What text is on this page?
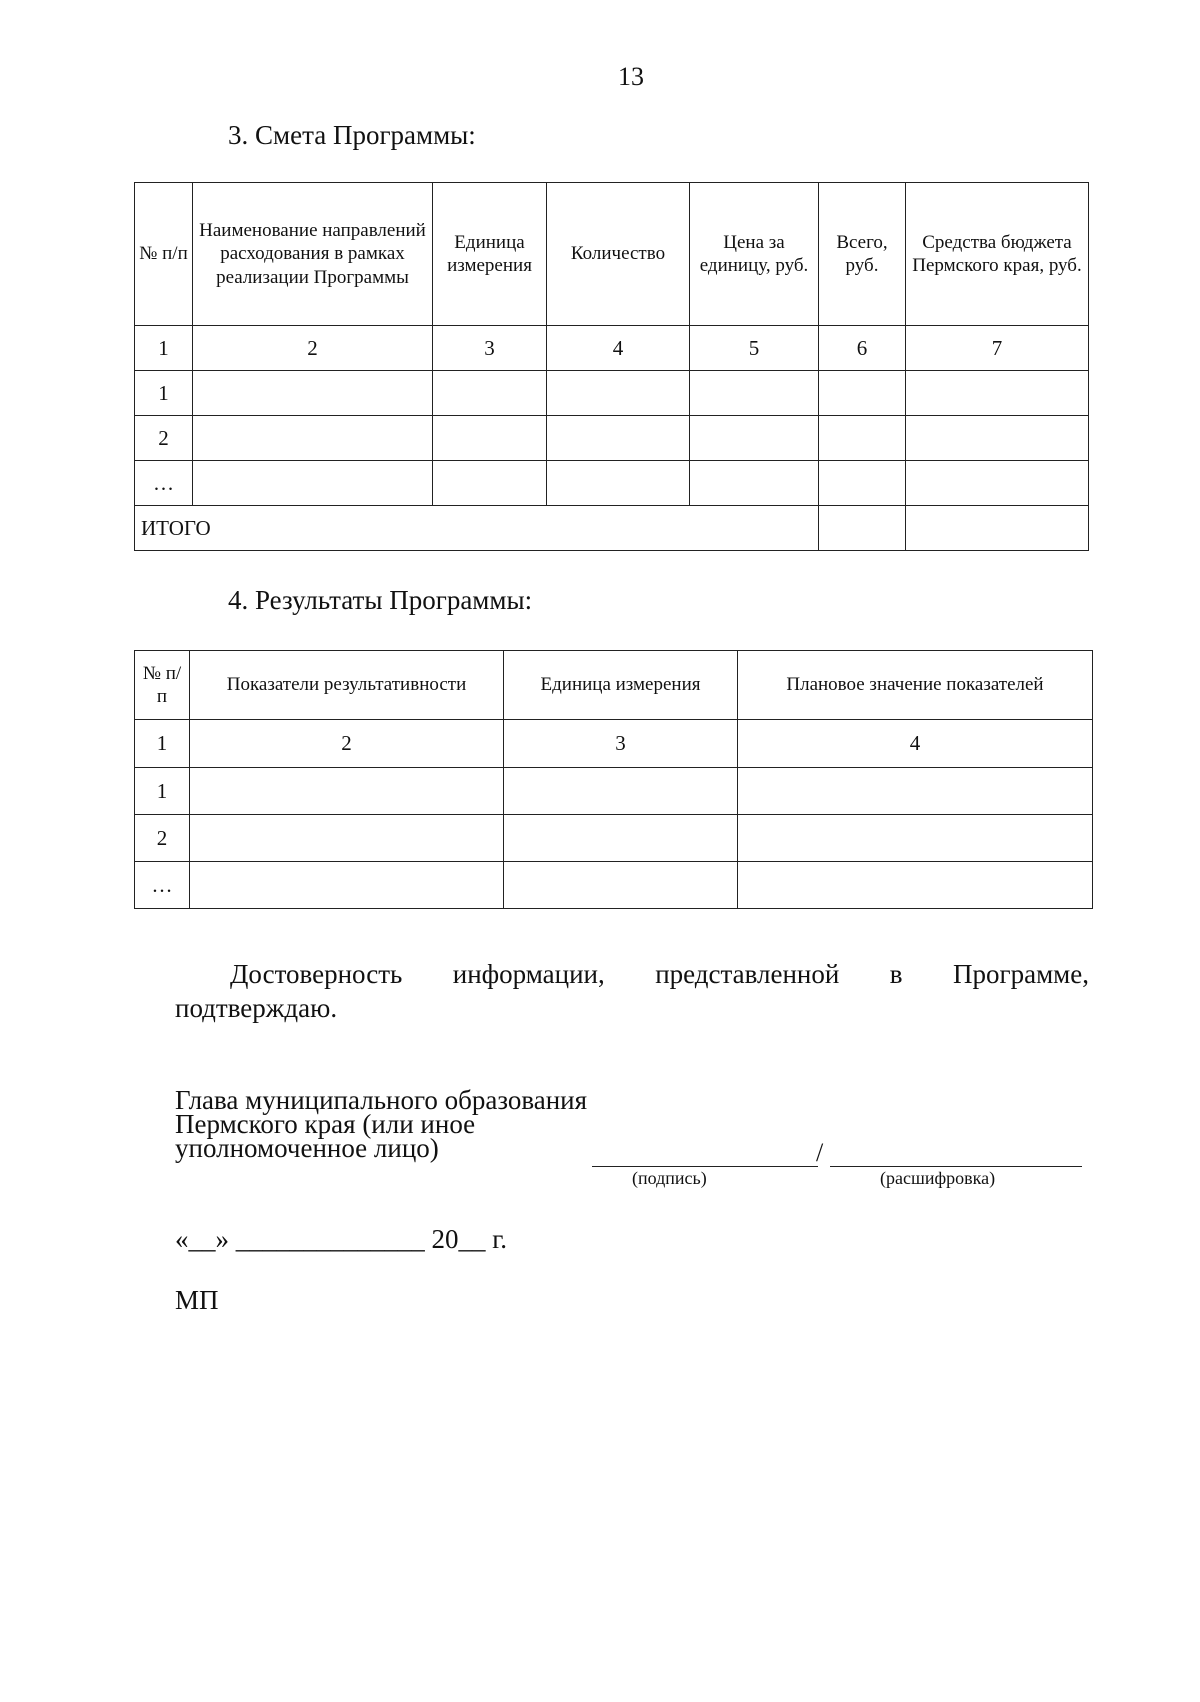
13
3. Смета Программы:
№ п/п	Наименование направлений расходования в рамках реализации Программы	Единица измерения	Количество	Цена за единицу, руб.	Всего, руб.	Средства бюджета Пермского края, руб.
1	2	3	4	5	6	7
1						
2						
…						
ИТОГО						
4. Результаты Программы:
№ п/п	Показатели результативности	Единица измерения	Плановое значение показателей
1	2	3	4
1			
2			
…			
Достоверность информации, представленной в Программе,
подтверждаю.
Глава муниципального образования
Пермского края (или иное
уполномоченное лицо)	/
(подпись)	(расшифровка)
«__» ______________ 20__ г.
МП
